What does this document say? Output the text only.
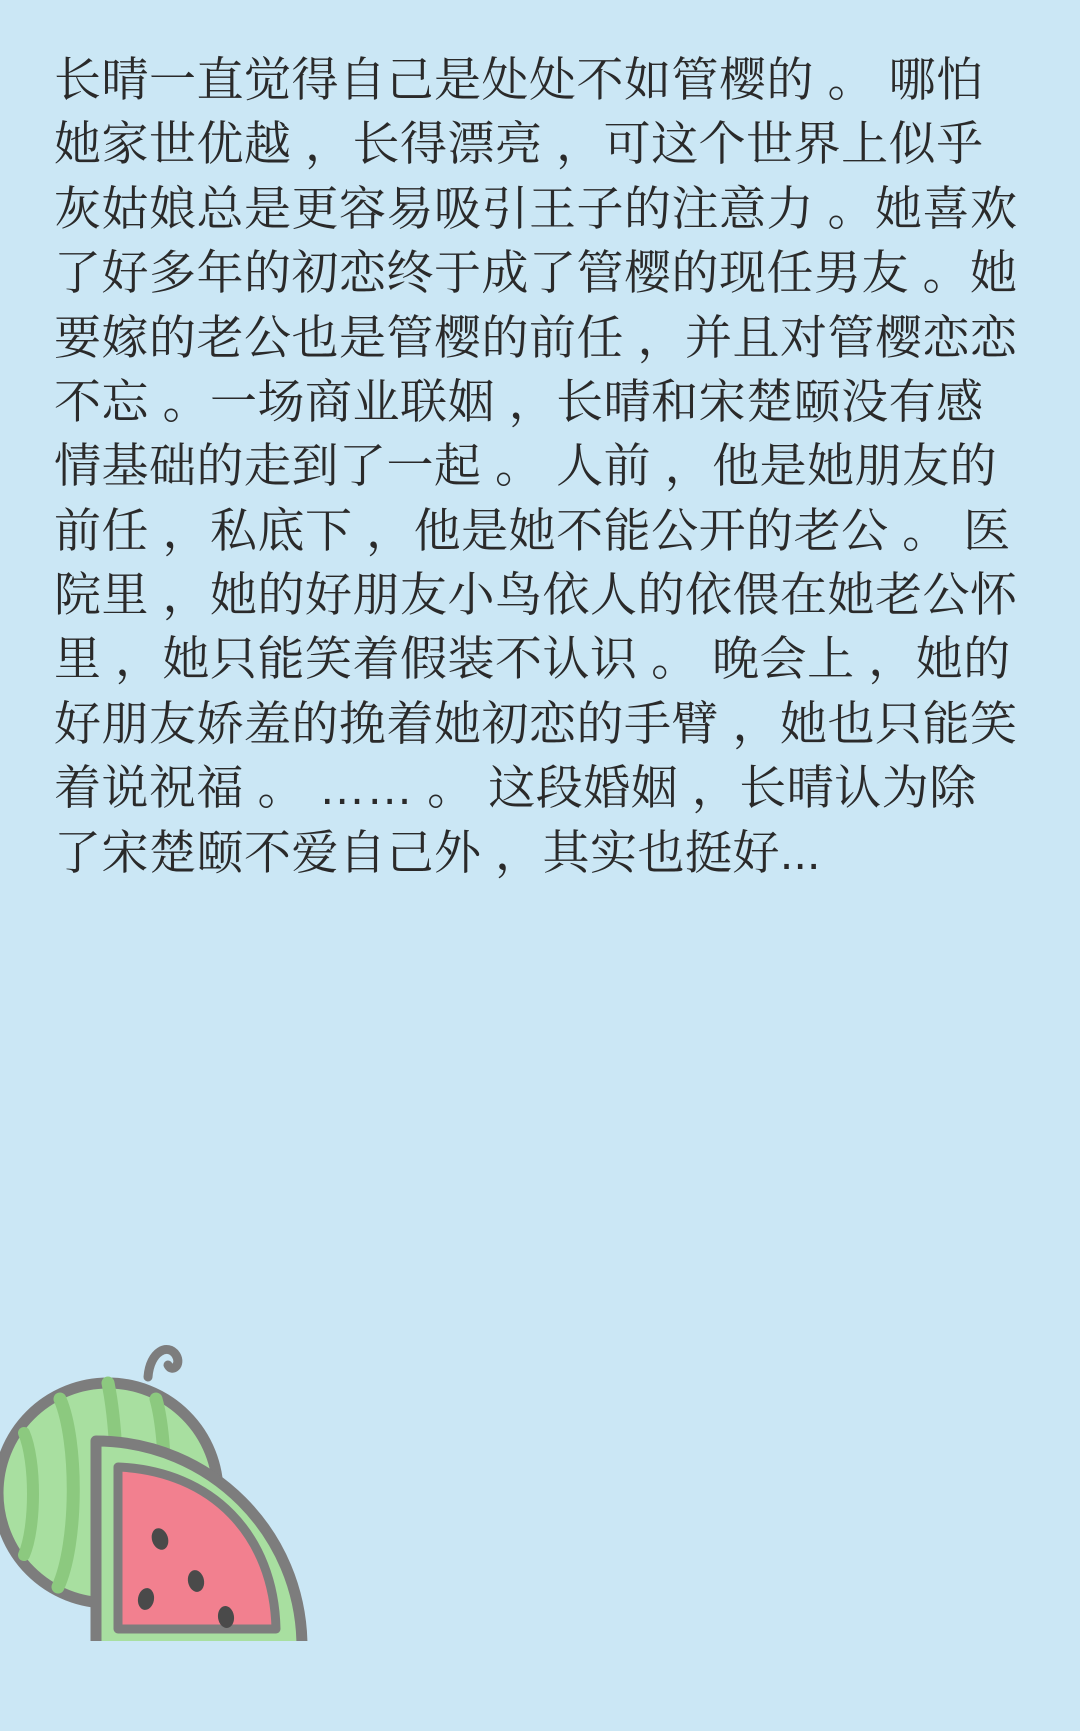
长晴一直觉得自己是处处不如管樱的 。 哪怕她家世优越 ，长得漂亮 ，可这个世界上似乎灰姑娘总是更容易吸引王子的注意力 。她喜欢了好多年的初恋终于成了管樱的现任男友 。她要嫁的老公也是管樱的前任 ，并且对管樱恋恋不忘 。一场商业联姻 ，长晴和宋楚颐没有感情基础的走到了一起 。 人前 ，他是她朋友的前任 ，私底下 ，他是她不能公开的老公 。 医院里 ，她的好朋友小鸟依人的依偎在她老公怀里 ，她只能笑着假装不认识 。 晚会上 ，她的好朋友娇羞的挽着她初恋的手臂 ，她也只能笑着说祝福 。 …… 。 这段婚姻 ，长晴认为除了宋楚颐不爱自己外 ，其实也挺好...
